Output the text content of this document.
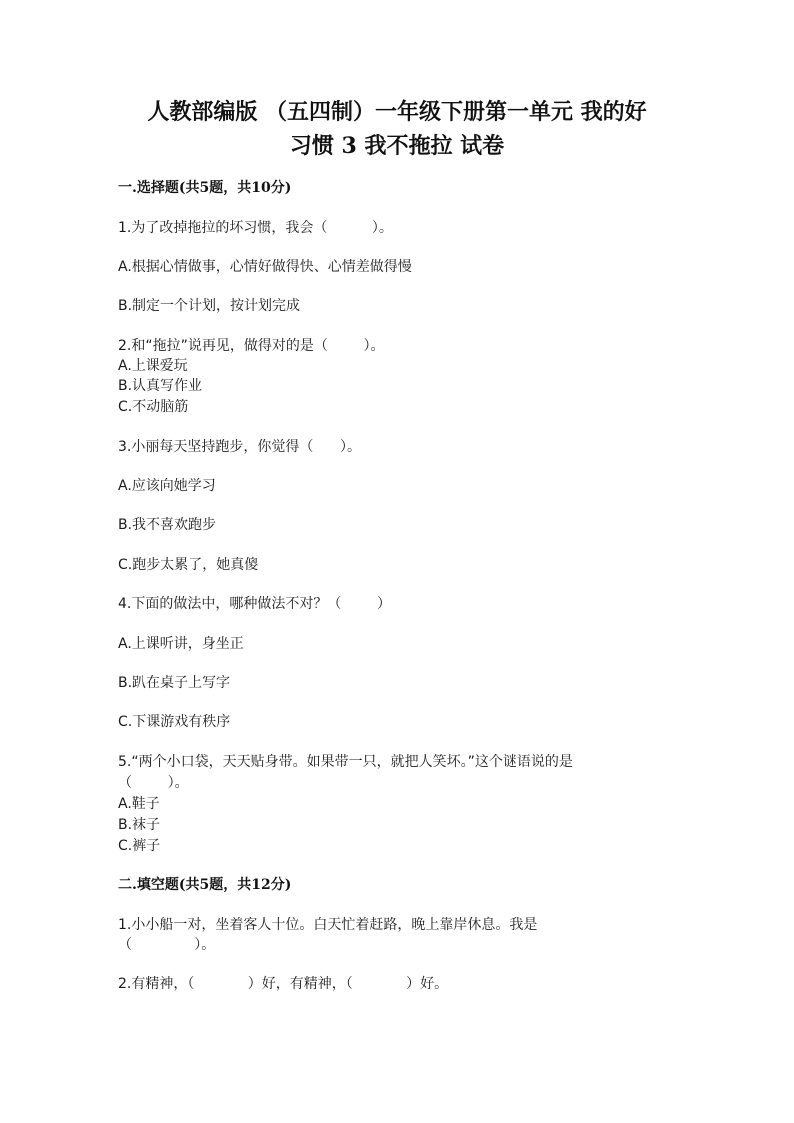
人教部编版 （五四制）一年级下册第一单元 我的好
习惯 3 我不拖拉 试卷
一.选择题(共5题，共10分)
1.为了改掉拖拉的坏习惯，我会（          ）。
A.根据心情做事，心情好做得快、心情差做得慢
B.制定一个计划，按计划完成
2.和“拖拉”说再见，做得对的是（        ）。
A.上课爱玩
B.认真写作业
C.不动脑筋
3.小丽每天坚持跑步，你觉得（      ）。
A.应该向她学习
B.我不喜欢跑步
C.跑步太累了，她真傻
4.下面的做法中，哪种做法不对？（        ）
A.上课听讲，身坐正
B.趴在桌子上写字
C.下课游戏有秩序
5.“两个小口袋，天天贴身带。如果带一只，就把人笑坏。”这个谜语说的是
（        ）。
A.鞋子
B.袜子
C.裤子
二.填空题(共5题，共12分)
1.小小船一对，坐着客人十位。白天忙着赶路，晚上靠岸休息。我是
（              ）。
2.有精神，（            ）好，有精神，（            ）好。
